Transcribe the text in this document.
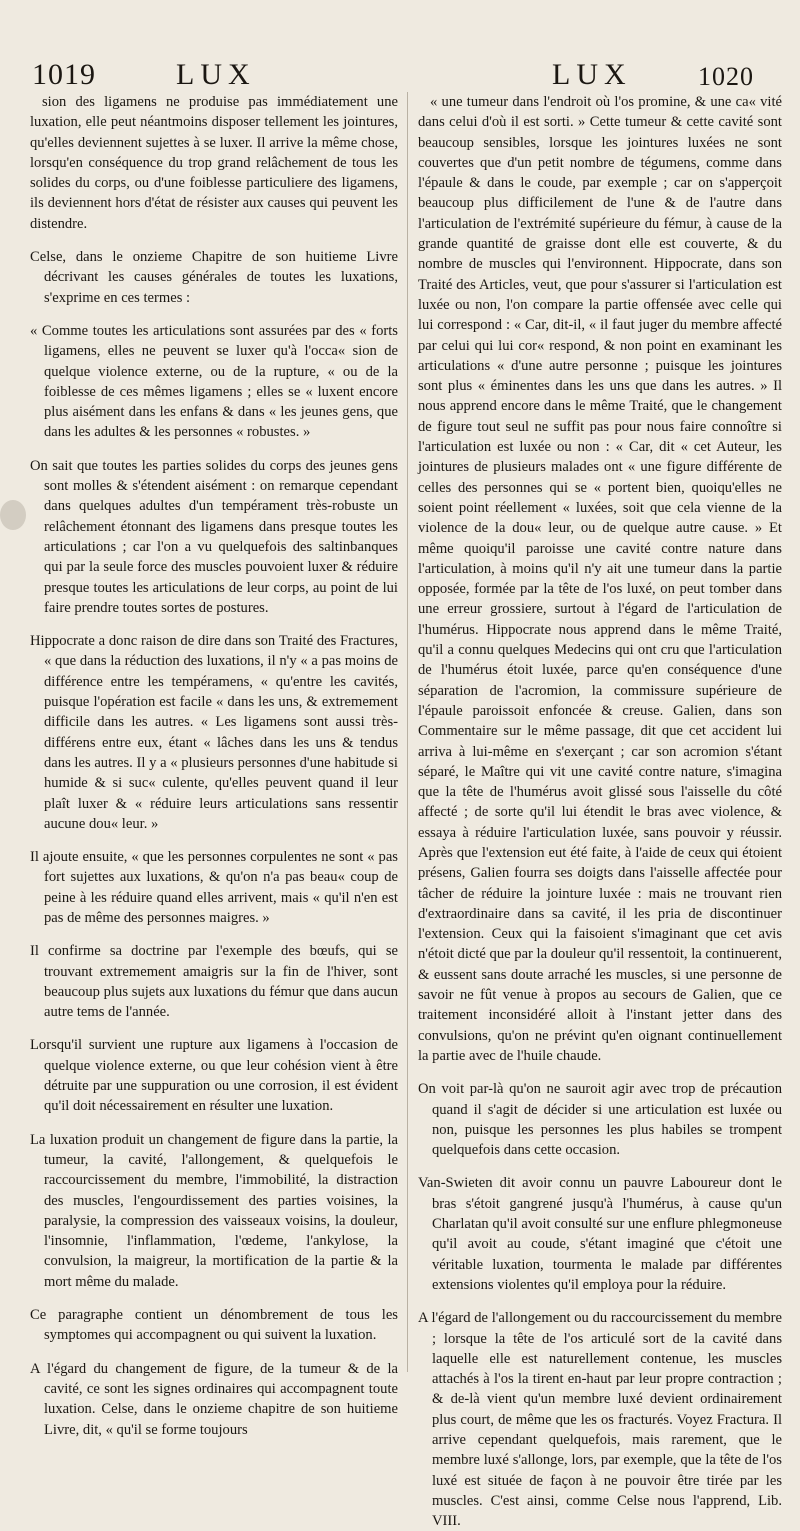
1019	LUX	LUX	1020

sion des ligamens ne produise pas immédiatement une luxation, elle peut néantmoins disposer tellement les jointures, qu'elles deviennent sujettes à se luxer. Il arrive la même chose, lorsqu'en conséquence du trop grand relâchement de tous les solides du corps, ou d'une foiblesse particuliere des ligamens, ils deviennent hors d'état de résister aux causes qui peuvent les distendre.

Celse, dans le onzieme Chapitre de son huitieme Livre décrivant les causes générales de toutes les luxations, s'exprime en ces termes :

« Comme toutes les articulations sont assurées par des « forts ligamens, elles ne peuvent se luxer qu'à l'occa« sion de quelque violence externe, ou de la rupture, « ou de la foiblesse de ces mêmes ligamens ; elles se « luxent encore plus aisément dans les enfans & dans « les jeunes gens, que dans les adultes & les personnes « robustes. »

On sait que toutes les parties solides du corps des jeunes gens sont molles & s'étendent aisément : on remarque cependant dans quelques adultes d'un tempérament très-robuste un relâchement étonnant des ligamens dans presque toutes les articulations ; car l'on a vu quelquefois des saltinbanques qui par la seule force des muscles pouvoient luxer & réduire presque toutes les articulations de leur corps, au point de lui faire prendre toutes sortes de postures.

Hippocrate a donc raison de dire dans son Traité des Fractures, « que dans la réduction des luxations, il n'y « a pas moins de différence entre les tempéramens, « qu'entre les cavités, puisque l'opération est facile « dans les uns, & extremement difficile dans les autres. « Les ligamens sont aussi très-différens entre eux, étant « lâches dans les uns & tendus dans les autres. Il y a « plusieurs personnes d'une habitude si humide & si suc« culente, qu'elles peuvent quand il leur plaît luxer & « réduire leurs articulations sans ressentir aucune dou« leur. »

Il ajoute ensuite, « que les personnes corpulentes ne sont « pas fort sujettes aux luxations, & qu'on n'a pas beau« coup de peine à les réduire quand elles arrivent, mais « qu'il n'en est pas de même des personnes maigres. »

Il confirme sa doctrine par l'exemple des bœufs, qui se trouvant extremement amaigris sur la fin de l'hiver, sont beaucoup plus sujets aux luxations du fémur que dans aucun autre tems de l'année.

Lorsqu'il survient une rupture aux ligamens à l'occasion de quelque violence externe, ou que leur cohésion vient à être détruite par une suppuration ou une corrosion, il est évident qu'il doit nécessairement en résulter une luxation.

La luxation produit un changement de figure dans la partie, la tumeur, la cavité, l'allongement, & quelquefois le raccourcissement du membre, l'immobilité, la distraction des muscles, l'engourdissement des parties voisines, la paralysie, la compression des vaisseaux voisins, la douleur, l'insomnie, l'inflammation, l'œdeme, l'ankylose, la convulsion, la maigreur, la mortification de la partie & la mort même du malade.

Ce paragraphe contient un dénombrement de tous les symptomes qui accompagnent ou qui suivent la luxation.

A l'égard du changement de figure, de la tumeur & de la cavité, ce sont les signes ordinaires qui accompagnent toute luxation. Celse, dans le onzieme chapitre de son huitieme Livre, dit, « qu'il se forme toujours

« une tumeur dans l'endroit où l'os promine, & une ca« vité dans celui d'où il est sorti. » Cette tumeur & cette cavité sont beaucoup sensibles, lorsque les jointures luxées ne sont couvertes que d'un petit nombre de tégumens, comme dans l'épaule & dans le coude, par exemple ; car on s'apperçoit beaucoup plus difficilement de l'une & de l'autre dans l'articulation de l'extrémité supérieure du fémur, à cause de la grande quantité de graisse dont elle est couverte, & du nombre de muscles qui l'environnent. Hippocrate, dans son Traité des Articles, veut, que pour s'assurer si l'articulation est luxée ou non, l'on compare la partie offensée avec celle qui lui correspond : « Car, dit-il, « il faut juger du membre affecté par celui qui lui cor« respond, & non point en examinant les articulations « d'une autre personne ; puisque les jointures sont plus « éminentes dans les uns que dans les autres. » Il nous apprend encore dans le même Traité, que le changement de figure tout seul ne suffit pas pour nous faire connoître si l'articulation est luxée ou non : « Car, dit « cet Auteur, les jointures de plusieurs malades ont « une figure différente de celles des personnes qui se « portent bien, quoiqu'elles ne soient point réellement « luxées, soit que cela vienne de la violence de la dou« leur, ou de quelque autre cause. » Et même quoiqu'il paroisse une cavité contre nature dans l'articulation, à moins qu'il n'y ait une tumeur dans la partie opposée, formée par la tête de l'os luxé, on peut tomber dans une erreur grossiere, surtout à l'égard de l'articulation de l'humérus. Hippocrate nous apprend dans le même Traité, qu'il a connu quelques Medecins qui ont cru que l'articulation de l'humérus étoit luxée, parce qu'en conséquence d'une séparation de l'acromion, la commissure supérieure de l'épaule paroissoit enfoncée & creuse. Galien, dans son Commentaire sur le même passage, dit que cet accident lui arriva à lui-même en s'exerçant ; car son acromion s'étant séparé, le Maître qui vit une cavité contre nature, s'imagina que la tête de l'humérus avoit glissé sous l'aisselle du côté affecté ; de sorte qu'il lui étendit le bras avec violence, & essaya à réduire l'articulation luxée, sans pouvoir y réussir. Après que l'extension eut été faite, à l'aide de ceux qui étoient présens, Galien fourra ses doigts dans l'aisselle affectée pour tâcher de réduire la jointure luxée : mais ne trouvant rien d'extraordinaire dans sa cavité, il les pria de discontinuer l'extension. Ceux qui la faisoient s'imaginant que cet avis n'étoit dicté que par la douleur qu'il ressentoit, la continuerent, & eussent sans doute arraché les muscles, si une personne de savoir ne fût venue à propos au secours de Galien, que ce traitement inconsidéré alloit à l'instant jetter dans des convulsions, qu'on ne prévint qu'en oignant continuellement la partie avec de l'huile chaude.

On voit par-là qu'on ne sauroit agir avec trop de précaution quand il s'agit de décider si une articulation est luxée ou non, puisque les personnes les plus habiles se trompent quelquefois dans cette occasion.

Van-Swieten dit avoir connu un pauvre Laboureur dont le bras s'étoit gangrené jusqu'à l'humérus, à cause qu'un Charlatan qu'il avoit consulté sur une enflure phlegmoneuse qu'il avoit au coude, s'étant imaginé que c'étoit une véritable luxation, tourmenta le malade par différentes extensions violentes qu'il employa pour la réduire.

A l'égard de l'allongement ou du raccourcissement du membre ; lorsque la tête de l'os articulé sort de la cavité dans laquelle elle est naturellement contenue, les muscles attachés à l'os la tirent en-haut par leur propre contraction ; & de-là vient qu'un membre luxé devient ordinairement plus court, de même que les os fracturés. Voyez Fractura. Il arrive cependant quelquefois, mais rarement, que le membre luxé s'allonge, lors, par exemple, que la tête de l'os luxé est située de façon à ne pouvoir être tirée par les muscles. C'est ainsi, comme Celse nous l'apprend, Lib. VIII.
